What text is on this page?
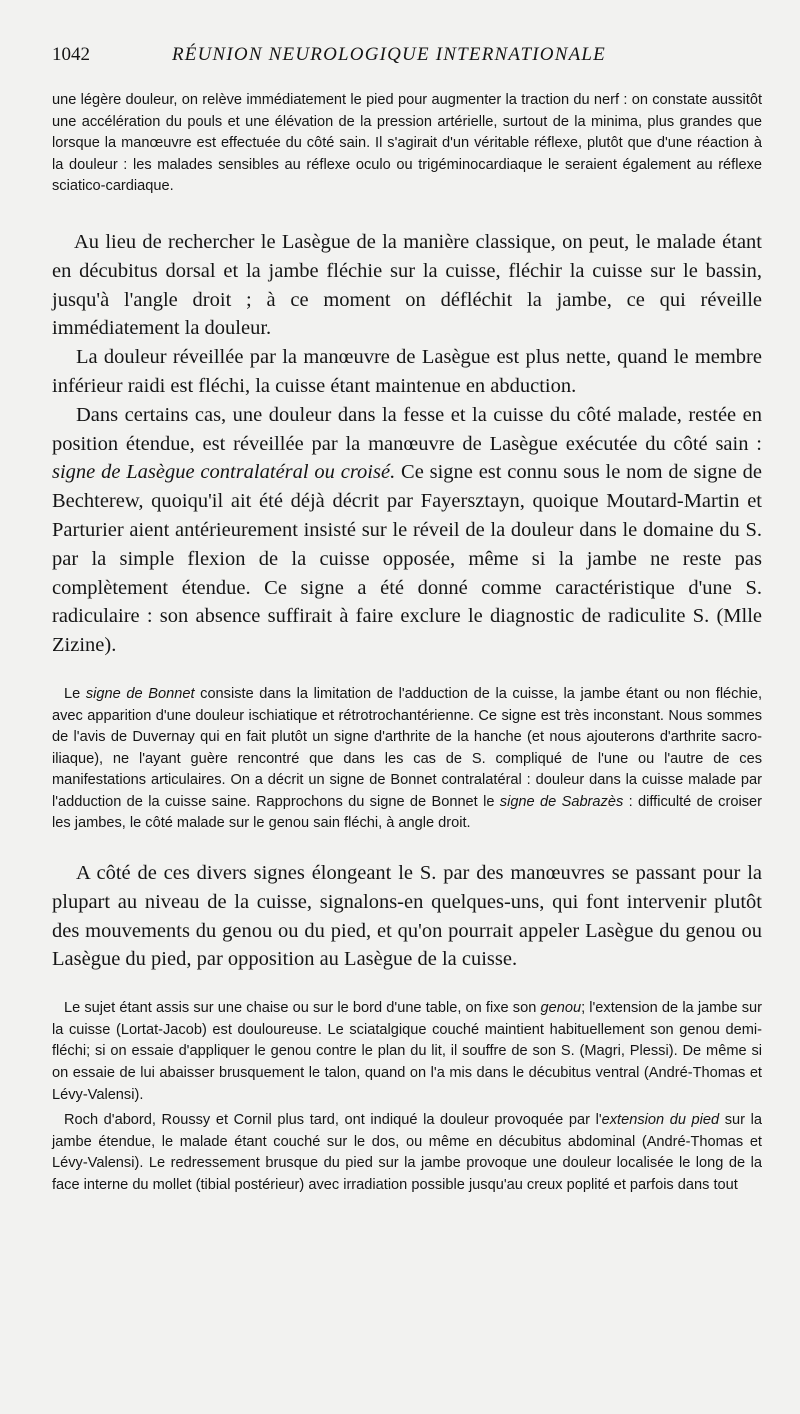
1042	RÉUNION NEUROLOGIQUE INTERNATIONALE

une légère douleur, on relève immédiatement le pied pour augmenter la traction du nerf : on constate aussitôt une accélération du pouls et une élévation de la pression artérielle, surtout de la minima, plus grandes que lorsque la manœuvre est effectuée du côté sain. Il s'agirait d'un véritable réflexe, plutôt que d'une réaction à la douleur : les malades sensibles au réflexe oculo ou trigéminocardiaque le seraient également au réflexe sciatico-cardiaque.

Au lieu de rechercher le Lasègue de la manière classique, on peut, le malade étant en décubitus dorsal et la jambe fléchie sur la cuisse, fléchir la cuisse sur le bassin, jusqu'à l'angle droit ; à ce moment on défléchit la jambe, ce qui réveille immédiatement la douleur.

La douleur réveillée par la manœuvre de Lasègue est plus nette, quand le membre inférieur raidi est fléchi, la cuisse étant maintenue en abduction.

Dans certains cas, une douleur dans la fesse et la cuisse du côté malade, restée en position étendue, est réveillée par la manœuvre de Lasègue exécutée du côté sain : signe de Lasègue contralatéral ou croisé. Ce signe est connu sous le nom de signe de Bechterew, quoiqu'il ait été déjà décrit par Fayersztayn, quoique Moutard-Martin et Parturier aient antérieurement insisté sur le réveil de la douleur dans le domaine du S. par la simple flexion de la cuisse opposée, même si la jambe ne reste pas complètement étendue. Ce signe a été donné comme caractéristique d'une S. radiculaire : son absence suffirait à faire exclure le diagnostic de radiculite S. (Mlle Zizine).

Le signe de Bonnet consiste dans la limitation de l'adduction de la cuisse, la jambe étant ou non fléchie, avec apparition d'une douleur ischiatique et rétrotrochantérienne. Ce signe est très inconstant. Nous sommes de l'avis de Duvernay qui en fait plutôt un signe d'arthrite de la hanche (et nous ajouterons d'arthrite sacro-iliaque), ne l'ayant guère rencontré que dans les cas de S. compliqué de l'une ou l'autre de ces manifestations articulaires. On a décrit un signe de Bonnet contralatéral : douleur dans la cuisse malade par l'adduction de la cuisse saine. Rapprochons du signe de Bonnet le signe de Sabrazès : difficulté de croiser les jambes, le côté malade sur le genou sain fléchi, à angle droit.

A côté de ces divers signes élongeant le S. par des manœuvres se passant pour la plupart au niveau de la cuisse, signalons-en quelques-uns, qui font intervenir plutôt des mouvements du genou ou du pied, et qu'on pourrait appeler Lasègue du genou ou Lasègue du pied, par opposition au Lasègue de la cuisse.

Le sujet étant assis sur une chaise ou sur le bord d'une table, on fixe son genou; l'extension de la jambe sur la cuisse (Lortat-Jacob) est douloureuse. Le sciatalgique couché maintient habituellement son genou demi-fléchi; si on essaie d'appliquer le genou contre le plan du lit, il souffre de son S. (Magri, Plessi). De même si on essaie de lui abaisser brusquement le talon, quand on l'a mis dans le décubitus ventral (André-Thomas et Lévy-Valensi).

Roch d'abord, Roussy et Cornil plus tard, ont indiqué la douleur provoquée par l'extension du pied sur la jambe étendue, le malade étant couché sur le dos, ou même en décubitus abdominal (André-Thomas et Lévy-Valensi). Le redressement brusque du pied sur la jambe provoque une douleur localisée le long de la face interne du mollet (tibial postérieur) avec irradiation possible jusqu'au creux poplité et parfois dans tout
